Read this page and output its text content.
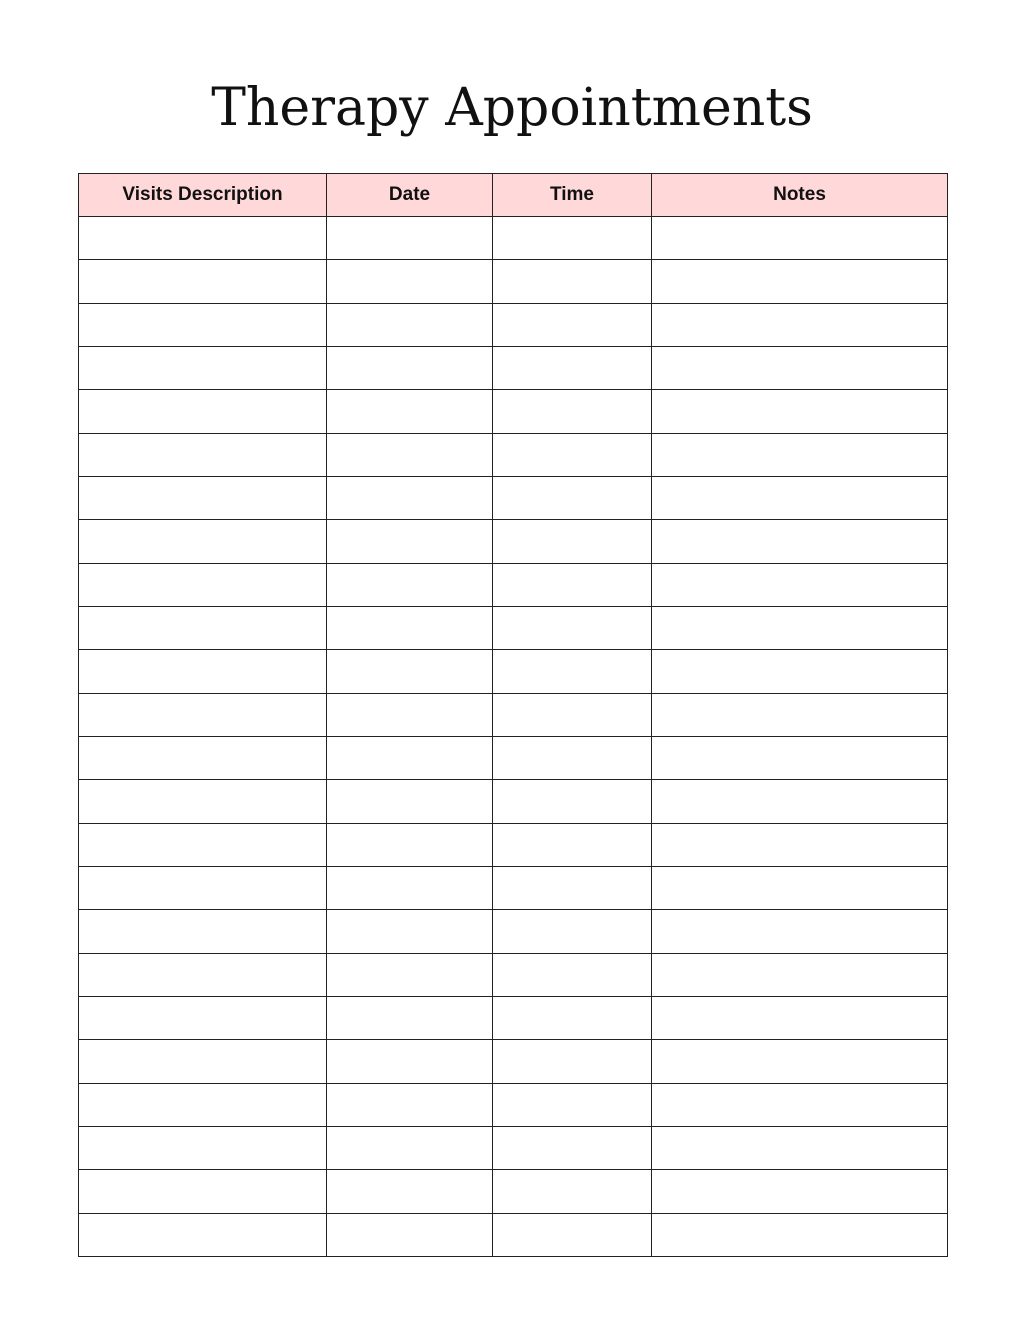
Therapy Appointments
Visits Description	Date	Time	Notes
